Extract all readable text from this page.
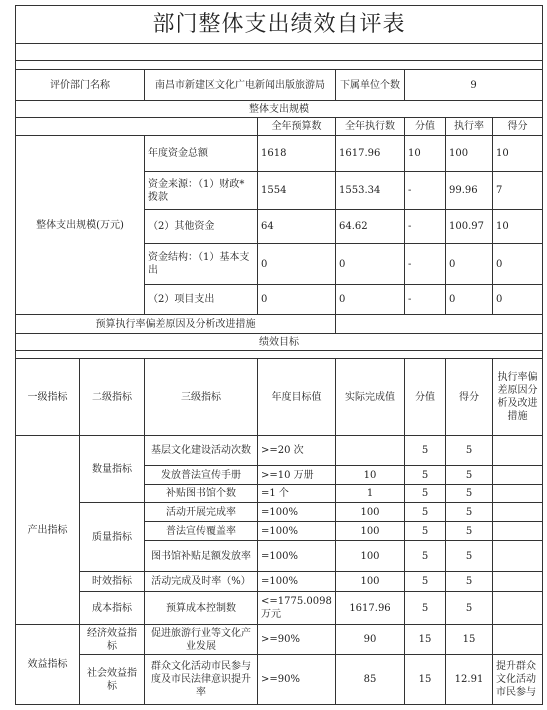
部门整体支出绩效自评表							

评价部门名称		南昌市新建区文化广电新闻出版旅游局		下属单位个数	9		
整体支出规模							
			全年预算数	全年执行数	分值	执行率	得分
整体支出规模(万元)		年度资金总额	1618	1617.96	10	100	10
		资金来源：（1）财政*拨款	1554	1553.34	-	99.96	7
		（2）其他资金	64	64.62	-	100.97	10
		资金结构：（1）基本支出	0	0	-	0	0
		（2）项目支出	0	0	-	0	0
预算执行率偏差原因及分析改进措施							
绩效目标							

一级指标	二级指标	三级指标	年度目标值	实际完成值	分值	得分	执行率偏差原因分析及改进措施
产出指标	数量指标	基层文化建设活动次数	>=20 次		5	5	
		发放普法宣传手册	>=10 万册	10	5	5	
		补贴图书馆个数	=1 个	1	5	5	
	质量指标	活动开展完成率	=100%	100	5	5	
		普法宣传覆盖率	=100%	100	5	5	
		图书馆补贴足额发放率	=100%	100	5	5	
	时效指标	活动完成及时率（%）	=100%	100	5	5	
	成本指标	预算成本控制数	<=1775.0098 万元	1617.96	5	5	
效益指标	经济效益指标	促进旅游行业等文化产业发展	>=90%	90	15	15	
	社会效益指标	群众文化活动市民参与度及市民法律意识提升率	>=90%	85	15	12.91	提升群众文化活动市民参与
